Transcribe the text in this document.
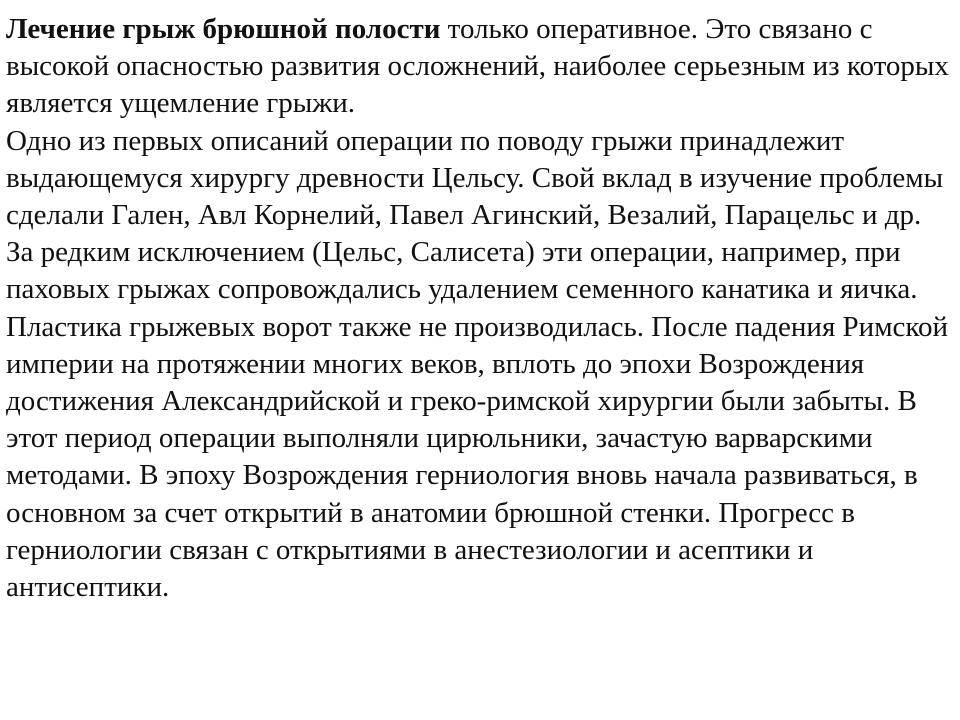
Лечение грыж брюшной полости только оперативное. Это связано с высокой опасностью развития осложнений, наиболее серьезным из которых является ущемление грыжи.

Одно из первых описаний операции по поводу грыжи принадлежит выдающемуся хирургу древности Цельсу. Свой вклад в изучение проблемы сделали Гален, Авл Корнелий, Павел Агинский, Везалий, Парацельс и др. За редким исключением (Цельс, Салисета) эти операции, например, при паховых грыжах сопровождались удалением семенного канатика и яичка. Пластика грыжевых ворот также не производилась. После падения Римской империи на протяжении многих веков, вплоть до эпохи Возрождения достижения Александрийской и греко-римской хирургии были забыты. В этот период операции выполняли цирюльники, зачастую варварскими методами. В эпоху Возрождения герниология вновь начала развиваться, в основном за счет открытий в анатомии брюшной стенки. Прогресс в герниологии связан с открытиями в анестезиологии и асептики и антисептики.
